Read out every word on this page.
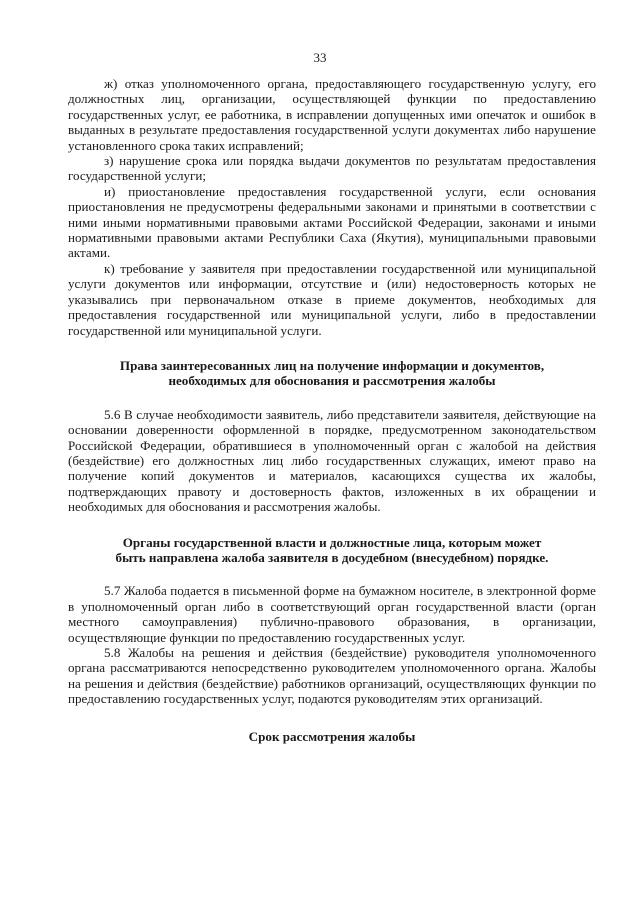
33

ж) отказ уполномоченного органа, предоставляющего государственную услугу, его должностных лиц, организации, осуществляющей функции по предоставлению государственных услуг, ее работника, в исправлении допущенных ими опечаток и ошибок в выданных в результате предоставления государственной услуги документах либо нарушение установленного срока таких исправлений;

з) нарушение срока или порядка выдачи документов по результатам предоставления государственной услуги;

и) приостановление предоставления государственной услуги, если основания приостановления не предусмотрены федеральными законами и принятыми в соответствии с ними иными нормативными правовыми актами Российской Федерации, законами и иными нормативными правовыми актами Республики Саха (Якутия), муниципальными правовыми актами.

к) требование у заявителя при предоставлении государственной или муниципальной услуги документов или информации, отсутствие и (или) недостоверность которых не указывались при первоначальном отказе в приеме документов, необходимых для предоставления государственной или муниципальной услуги, либо в предоставлении государственной или муниципальной услуги.

Права заинтересованных лиц на получение информации и документов,
необходимых для обоснования и рассмотрения жалобы

5.6 В случае необходимости заявитель, либо представители заявителя, действующие на основании доверенности оформленной в порядке, предусмотренном законодательством Российской Федерации, обратившиеся в уполномоченный орган с жалобой на действия (бездействие) его должностных лиц либо государственных служащих, имеют право на получение копий документов и материалов, касающихся существа их жалобы, подтверждающих правоту и достоверность фактов, изложенных в их обращении и необходимых для обоснования и рассмотрения жалобы.

Органы государственной власти и должностные лица, которым может
быть направлена жалоба заявителя в досудебном (внесудебном) порядке.

5.7 Жалоба подается в письменной форме на бумажном носителе, в электронной форме в уполномоченный орган либо в соответствующий орган государственной власти (орган местного самоуправления) публично-правового образования, в организации, осуществляющие функции по предоставлению государственных услуг.

5.8 Жалобы на решения и действия (бездействие) руководителя уполномоченного органа рассматриваются непосредственно руководителем уполномоченного органа. Жалобы на решения и действия (бездействие) работников организаций, осуществляющих функции по предоставлению государственных услуг, подаются руководителям этих организаций.

Срок рассмотрения жалобы
